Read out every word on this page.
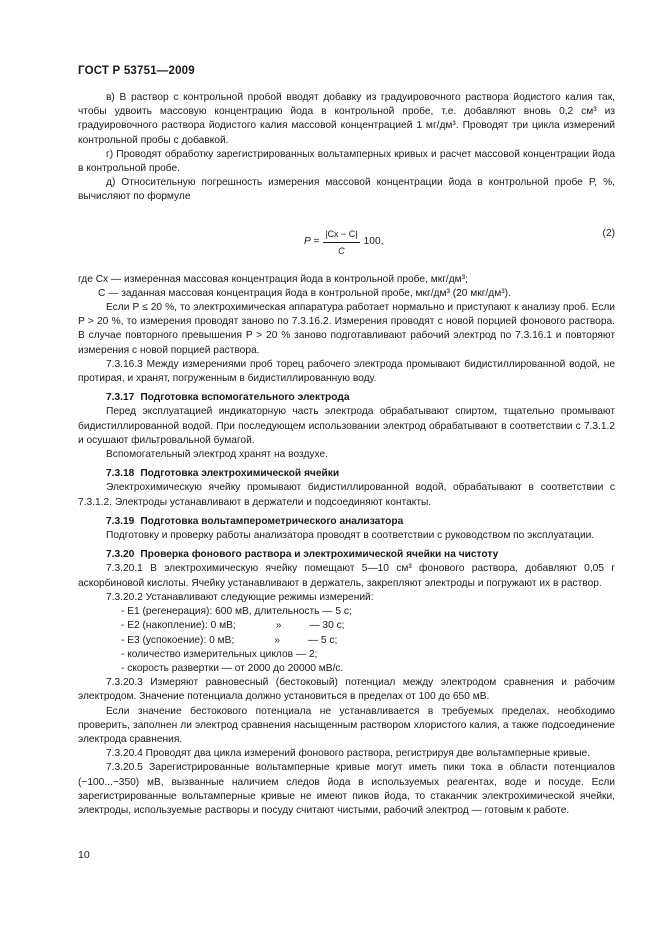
ГОСТ Р 53751—2009

в) В раствор с контрольной пробой вводят добавку из градуировочного раствора йодистого калия так, чтобы удвоить массовую концентрацию йода в контрольной пробе, т.е. добавляют вновь 0,2 см³ из градуировочного раствора йодистого калия массовой концентрацией 1 мг/дм³. Проводят три цикла измерений контрольной пробы с добавкой.

г) Проводят обработку зарегистрированных вольтамперных кривых и расчет массовой концентрации йода в контрольной пробе.

д) Относительную погрешность измерения массовой концентрации йода в контрольной пробе P, %, вычисляют по формуле

$P = \frac{|Cx - C|}{C} 100$,
(2)

где Cx — измеренная массовая концентрация йода в контрольной пробе, мкг/дм³;

C — заданная массовая концентрация йода в контрольной пробе, мкг/дм³ (20 мкг/дм³).

Если P ≤ 20 %, то электрохимическая аппаратура работает нормально и приступают к анализу проб. Если P > 20 %, то измерения проводят заново по 7.3.16.2. Измерения проводят с новой порцией фонового раствора. В случае повторного превышения P > 20 % заново подготавливают рабочий электрод по 7.3.16.1 и повторяют измерения с новой порцией раствора.

7.3.16.3 Между измерениями проб торец рабочего электрода промывают бидистиллированной водой, не протирая, и хранят, погруженным в бидистиллированную воду.

7.3.17 Подготовка вспомогательного электрода

Перед эксплуатацией индикаторную часть электрода обрабатывают спиртом, тщательно промывают бидистиллированной водой. При последующем использовании электрод обрабатывают в соответствии с 7.3.1.2 и осушают фильтровальной бумагой.

Вспомогательный электрод хранят на воздухе.

7.3.18 Подготовка электрохимической ячейки

Электрохимическую ячейку промывают бидистиллированной водой, обрабатывают в соответствии с 7.3.1.2. Электроды устанавливают в держатели и подсоединяют контакты.

7.3.19 Подготовка вольтамперометрического анализатора

Подготовку и проверку работы анализатора проводят в соответствии с руководством по эксплуатации.

7.3.20 Проверка фонового раствора и электрохимической ячейки на чистоту

7.3.20.1 В электрохимическую ячейку помещают 5—10 см³ фонового раствора, добавляют 0,05 г аскорбиновой кислоты. Ячейку устанавливают в держатель, закрепляют электроды и погружают их в раствор.

7.3.20.2 Устанавливают следующие режимы измерений:

- E1 (регенерация): 600 мВ, длительность — 5 с;

- E2 (накопление): 0 мВ;	»	— 30 с;

- E3 (успокоение): 0 мВ;	»	— 5 с;

- количество измерительных циклов — 2;

- скорость развертки — от 2000 до 20000 мВ/с.

7.3.20.3 Измеряют равновесный (бестоковый) потенциал между электродом сравнения и рабочим электродом. Значение потенциала должно установиться в пределах от 100 до 650 мВ.

Если значение бестокового потенциала не устанавливается в требуемых пределах, необходимо проверить, заполнен ли электрод сравнения насыщенным раствором хлористого калия, а также подсоединение электрода сравнения.

7.3.20.4 Проводят два цикла измерений фонового раствора, регистрируя две вольтамперные кривые.

7.3.20.5 Зарегистрированные вольтамперные кривые могут иметь пики тока в области потенциалов (−100...−350) мВ, вызванные наличием следов йода в используемых реагентах, воде и посуде. Если зарегистрированные вольтамперные кривые не имеют пиков йода, то стаканчик электрохимической ячейки, электроды, используемые растворы и посуду считают чистыми, рабочий электрод — готовым к работе.

10
